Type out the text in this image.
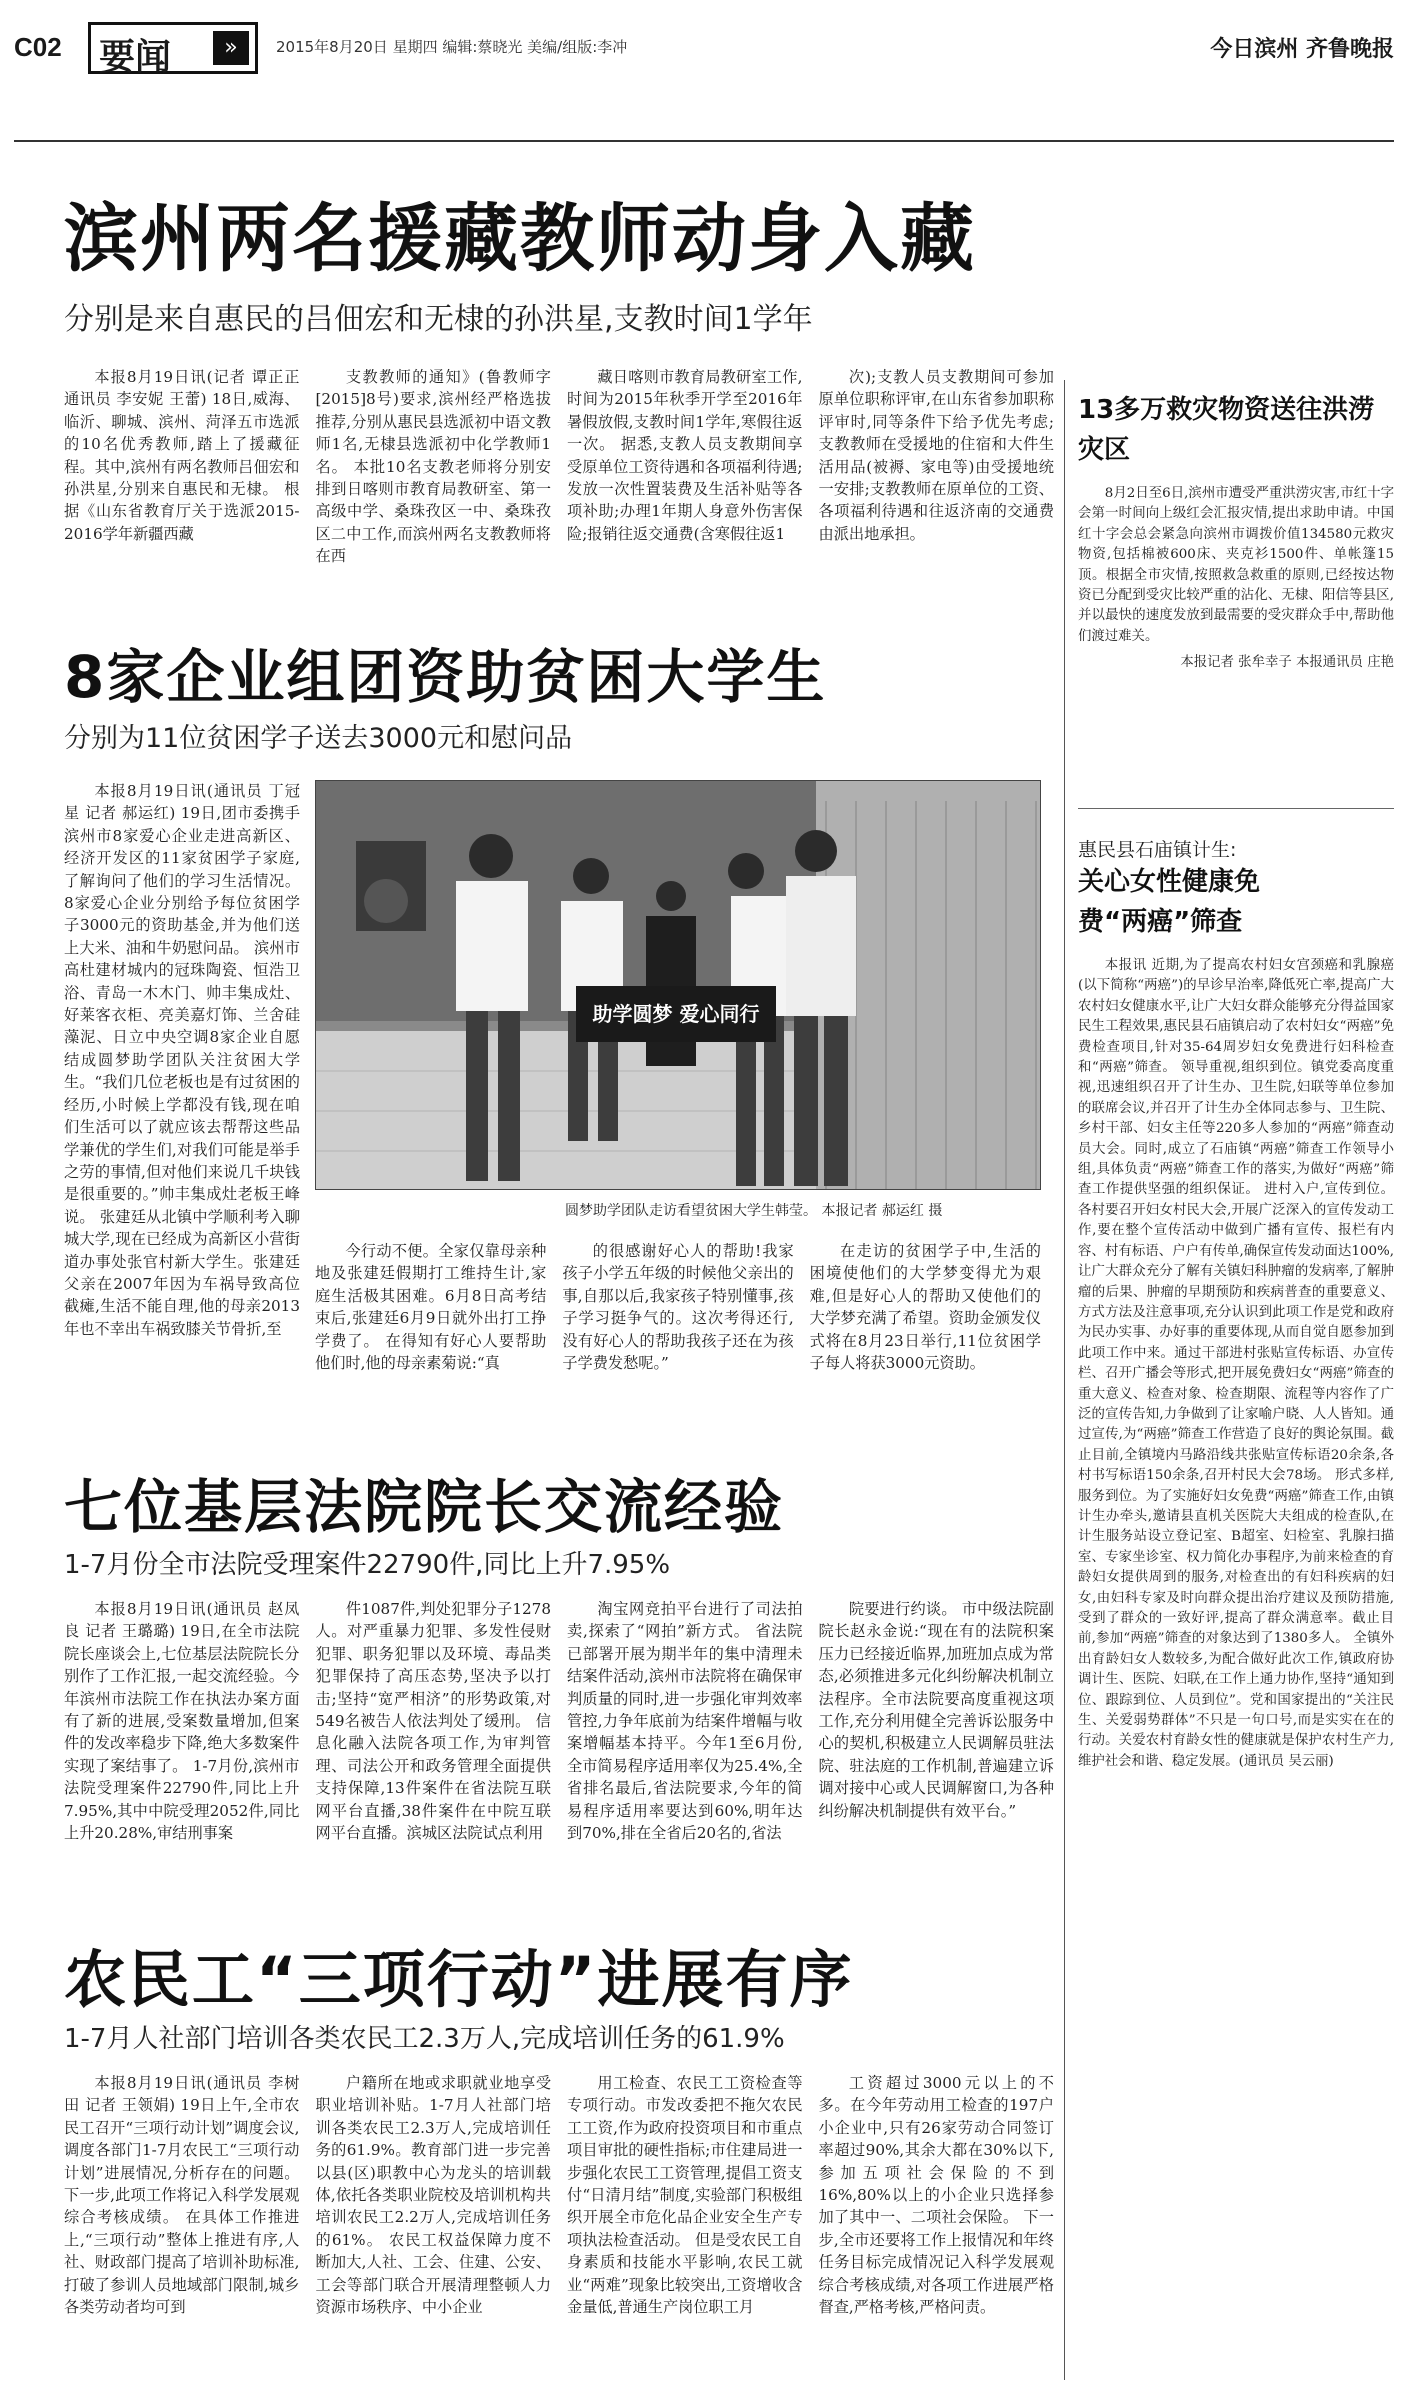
C02 要闻	»	2015年8月20日 星期四 编辑:蔡晓光 美编/组版:李冲	今日滨州 齐鲁晚报
滨州两名援藏教师动身入藏
分别是来自惠民的吕佃宏和无棣的孙洪星,支教时间1学年

本报8月19日讯(记者 谭正正 通讯员 李安妮 王蕾) 18日,威海、临沂、聊城、滨州、菏泽五市选派的10名优秀教师,踏上了援藏征程。其中,滨州有两名教师吕佃宏和孙洪星,分别来自惠民和无棣。 根据《山东省教育厅关于选派2015-2016学年新疆西藏

支教教师的通知》(鲁教师字[2015]8号)要求,滨州经严格选拔推荐,分别从惠民县选派初中语文教师1名,无棣县选派初中化学教师1名。 本批10名支教老师将分别安排到日喀则市教育局教研室、第一高级中学、桑珠孜区一中、桑珠孜区二中工作,而滨州两名支教教师将在西

藏日喀则市教育局教研室工作,时间为2015年秋季开学至2016年暑假放假,支教时间1学年,寒假往返一次。 据悉,支教人员支教期间享受原单位工资待遇和各项福利待遇;发放一次性置装费及生活补贴等各项补助;办理1年期人身意外伤害保险;报销往返交通费(含寒假往返1

次);支教人员支教期间可参加原单位职称评审,在山东省参加职称评审时,同等条件下给予优先考虑;支教教师在受援地的住宿和大件生活用品(被褥、家电等)由受援地统一安排;支教教师在原单位的工资、各项福利待遇和往返济南的交通费由派出地承担。

8家企业组团资助贫困大学生
分别为11位贫困学子送去3000元和慰问品

本报8月19日讯(通讯员 丁冠星 记者 郝运红) 19日,团市委携手滨州市8家爱心企业走进高新区、经济开发区的11家贫困学子家庭,了解询问了他们的学习生活情况。8家爱心企业分别给予每位贫困学子3000元的资助基金,并为他们送上大米、油和牛奶慰问品。 滨州市高杜建材城内的冠珠陶瓷、恒浩卫浴、青岛一木木门、帅丰集成灶、好莱客衣柜、亮美嘉灯饰、兰舍硅藻泥、日立中央空调8家企业自愿结成圆梦助学团队关注贫困大学生。“我们几位老板也是有过贫困的经历,小时候上学都没有钱,现在咱们生活可以了就应该去帮帮这些品学兼优的学生们,对我们可能是举手之劳的事情,但对他们来说几千块钱是很重要的。”帅丰集成灶老板王峰说。 张建廷从北镇中学顺利考入聊城大学,现在已经成为高新区小营街道办事处张官村新大学生。张建廷父亲在2007年因为车祸导致高位截瘫,生活不能自理,他的母亲2013年也不幸出车祸致膝关节骨折,至

助学圆梦 爱心同行
圆梦助学团队走访看望贫困大学生韩莹。 本报记者 郝运红 摄

今行动不便。全家仅靠母亲种地及张建廷假期打工维持生计,家庭生活极其困难。6月8日高考结束后,张建廷6月9日就外出打工挣学费了。 在得知有好心人要帮助他们时,他的母亲素菊说:“真

的很感谢好心人的帮助!我家孩子小学五年级的时候他父亲出的事,自那以后,我家孩子特别懂事,孩子学习挺争气的。这次考得还行,没有好心人的帮助我孩子还在为孩子学费发愁呢。”

在走访的贫困学子中,生活的困境使他们的大学梦变得尤为艰难,但是好心人的帮助又使他们的大学梦充满了希望。资助金颁发仪式将在8月23日举行,11位贫困学子每人将获3000元资助。

七位基层法院院长交流经验
1-7月份全市法院受理案件22790件,同比上升7.95%

本报8月19日讯(通讯员 赵凤良 记者 王璐璐) 19日,在全市法院院长座谈会上,七位基层法院院长分别作了工作汇报,一起交流经验。今年滨州市法院工作在执法办案方面有了新的进展,受案数量增加,但案件的发改率稳步下降,绝大多数案件实现了案结事了。 1-7月份,滨州市法院受理案件22790件,同比上升7.95%,其中中院受理2052件,同比上升20.28%,审结刑事案

件1087件,判处犯罪分子1278人。对严重暴力犯罪、多发性侵财犯罪、职务犯罪以及环境、毒品类犯罪保持了高压态势,坚决予以打击;坚持“宽严相济”的形势政策,对549名被告人依法判处了缓刑。 信息化融入法院各项工作,为审判管理、司法公开和政务管理全面提供支持保障,13件案件在省法院互联网平台直播,38件案件在中院互联网平台直播。滨城区法院试点利用

淘宝网竞拍平台进行了司法拍卖,探索了“网拍”新方式。 省法院已部署开展为期半年的集中清理未结案件活动,滨州市法院将在确保审判质量的同时,进一步强化审判效率管控,力争年底前为结案件增幅与收案增幅基本持平。今年1至6月份,全市简易程序适用率仅为25.4%,全省排名最后,省法院要求,今年的简易程序适用率要达到60%,明年达到70%,排在全省后20名的,省法

院要进行约谈。 市中级法院副院长赵永金说:“现在有的法院积案压力已经接近临界,加班加点成为常态,必须推进多元化纠纷解决机制立法程序。全市法院要高度重视这项工作,充分利用健全完善诉讼服务中心的契机,积极建立人民调解员驻法院、驻法庭的工作机制,普遍建立诉调对接中心或人民调解窗口,为各种纠纷解决机制提供有效平台。”

农民工“三项行动”进展有序
1-7月人社部门培训各类农民工2.3万人,完成培训任务的61.9%

本报8月19日讯(通讯员 李树田 记者 王领娟) 19日上午,全市农民工召开“三项行动计划”调度会议,调度各部门1-7月农民工“三项行动计划”进展情况,分析存在的问题。下一步,此项工作将记入科学发展观综合考核成绩。 在具体工作推进上,“三项行动”整体上推进有序,人社、财政部门提高了培训补助标准,打破了参训人员地域部门限制,城乡各类劳动者均可到

户籍所在地或求职就业地享受职业培训补贴。1-7月人社部门培训各类农民工2.3万人,完成培训任务的61.9%。教育部门进一步完善以县(区)职教中心为龙头的培训载体,依托各类职业院校及培训机构共培训农民工2.2万人,完成培训任务的61%。 农民工权益保障力度不断加大,人社、工会、住建、公安、工会等部门联合开展清理整顿人力资源市场秩序、中小企业

用工检查、农民工工资检查等专项行动。市发改委把不拖欠农民工工资,作为政府投资项目和市重点项目审批的硬性指标;市住建局进一步强化农民工工资管理,提倡工资支付“日清月结”制度,实验部门积极组织开展全市危化品企业安全生产专项执法检查活动。 但是受农民工自身素质和技能水平影响,农民工就业“两难”现象比较突出,工资增收含金量低,普通生产岗位职工月

工资超过3000元以上的不多。在今年劳动用工检查的197户小企业中,只有26家劳动合同签订率超过90%,其余大都在30%以下,参加五项社会保险的不到16%,80%以上的小企业只选择参加了其中一、二项社会保险。 下一步,全市还要将工作上报情况和年终任务目标完成情况记入科学发展观综合考核成绩,对各项工作进展严格督查,严格考核,严格问责。

13多万救灾物资送往洪涝灾区

8月2日至6日,滨州市遭受严重洪涝灾害,市红十字会第一时间向上级红会汇报灾情,提出求助申请。中国红十字会总会紧急向滨州市调拨价值134580元救灾物资,包括棉被600床、夹克衫1500件、单帐篷15顶。根据全市灾情,按照救急救重的原则,已经按达物资已分配到受灾比较严重的沾化、无棣、阳信等县区,并以最快的速度发放到最需要的受灾群众手中,帮助他们渡过难关。

本报记者 张牟幸子 本报通讯员 庄艳
惠民县石庙镇计生:
关心女性健康免费“两癌”筛查

本报讯 近期,为了提高农村妇女宫颈癌和乳腺癌(以下简称“两癌”)的早诊早治率,降低死亡率,提高广大农村妇女健康水平,让广大妇女群众能够充分得益国家民生工程效果,惠民县石庙镇启动了农村妇女“两癌”免费检查项目,针对35-64周岁妇女免费进行妇科检查和“两癌”筛查。 领导重视,组织到位。镇党委高度重视,迅速组织召开了计生办、卫生院,妇联等单位参加的联席会议,并召开了计生办全体同志参与、卫生院、乡村干部、妇女主任等220多人参加的“两癌”筛查动员大会。同时,成立了石庙镇“两癌”筛查工作领导小组,具体负责“两癌”筛查工作的落实,为做好“两癌”筛查工作提供坚强的组织保证。 进村入户,宣传到位。各村要召开妇女村民大会,开展广泛深入的宣传发动工作,要在整个宣传活动中做到广播有宣传、报栏有内容、村有标语、户户有传单,确保宣传发动面达100%,让广大群众充分了解有关镇妇科肿瘤的发病率,了解肿瘤的后果、肿瘤的早期预防和疾病普查的重要意义、方式方法及注意事项,充分认识到此项工作是党和政府为民办实事、办好事的重要体现,从而自觉自愿参加到此项工作中来。通过干部进村张贴宣传标语、办宣传栏、召开广播会等形式,把开展免费妇女“两癌”筛查的重大意义、检查对象、检查期限、流程等内容作了广泛的宣传告知,力争做到了让家喻户晓、人人皆知。通过宣传,为“两癌”筛查工作营造了良好的舆论氛围。截止目前,全镇境内马路沿线共张贴宣传标语20余条,各村书写标语150余条,召开村民大会78场。 形式多样,服务到位。为了实施好妇女免费“两癌”筛查工作,由镇计生办牵头,邀请县直机关医院大夫组成的检查队,在计生服务站设立登记室、B超室、妇检室、乳腺扫描室、专家坐诊室、权力简化办事程序,为前来检查的育龄妇女提供周到的服务,对检查出的有妇科疾病的妇女,由妇科专家及时向群众提出治疗建议及预防措施,受到了群众的一致好评,提高了群众满意率。截止目前,参加“两癌”筛查的对象达到了1380多人。 全镇外出育龄妇女人数较多,为配合做好此次工作,镇政府协调计生、医院、妇联,在工作上通力协作,坚持“通知到位、跟踪到位、人员到位”。党和国家提出的“关注民生、关爱弱势群体”不只是一句口号,而是实实在在的行动。关爱农村育龄女性的健康就是保护农村生产力,维护社会和谐、稳定发展。(通讯员 吴云丽)
